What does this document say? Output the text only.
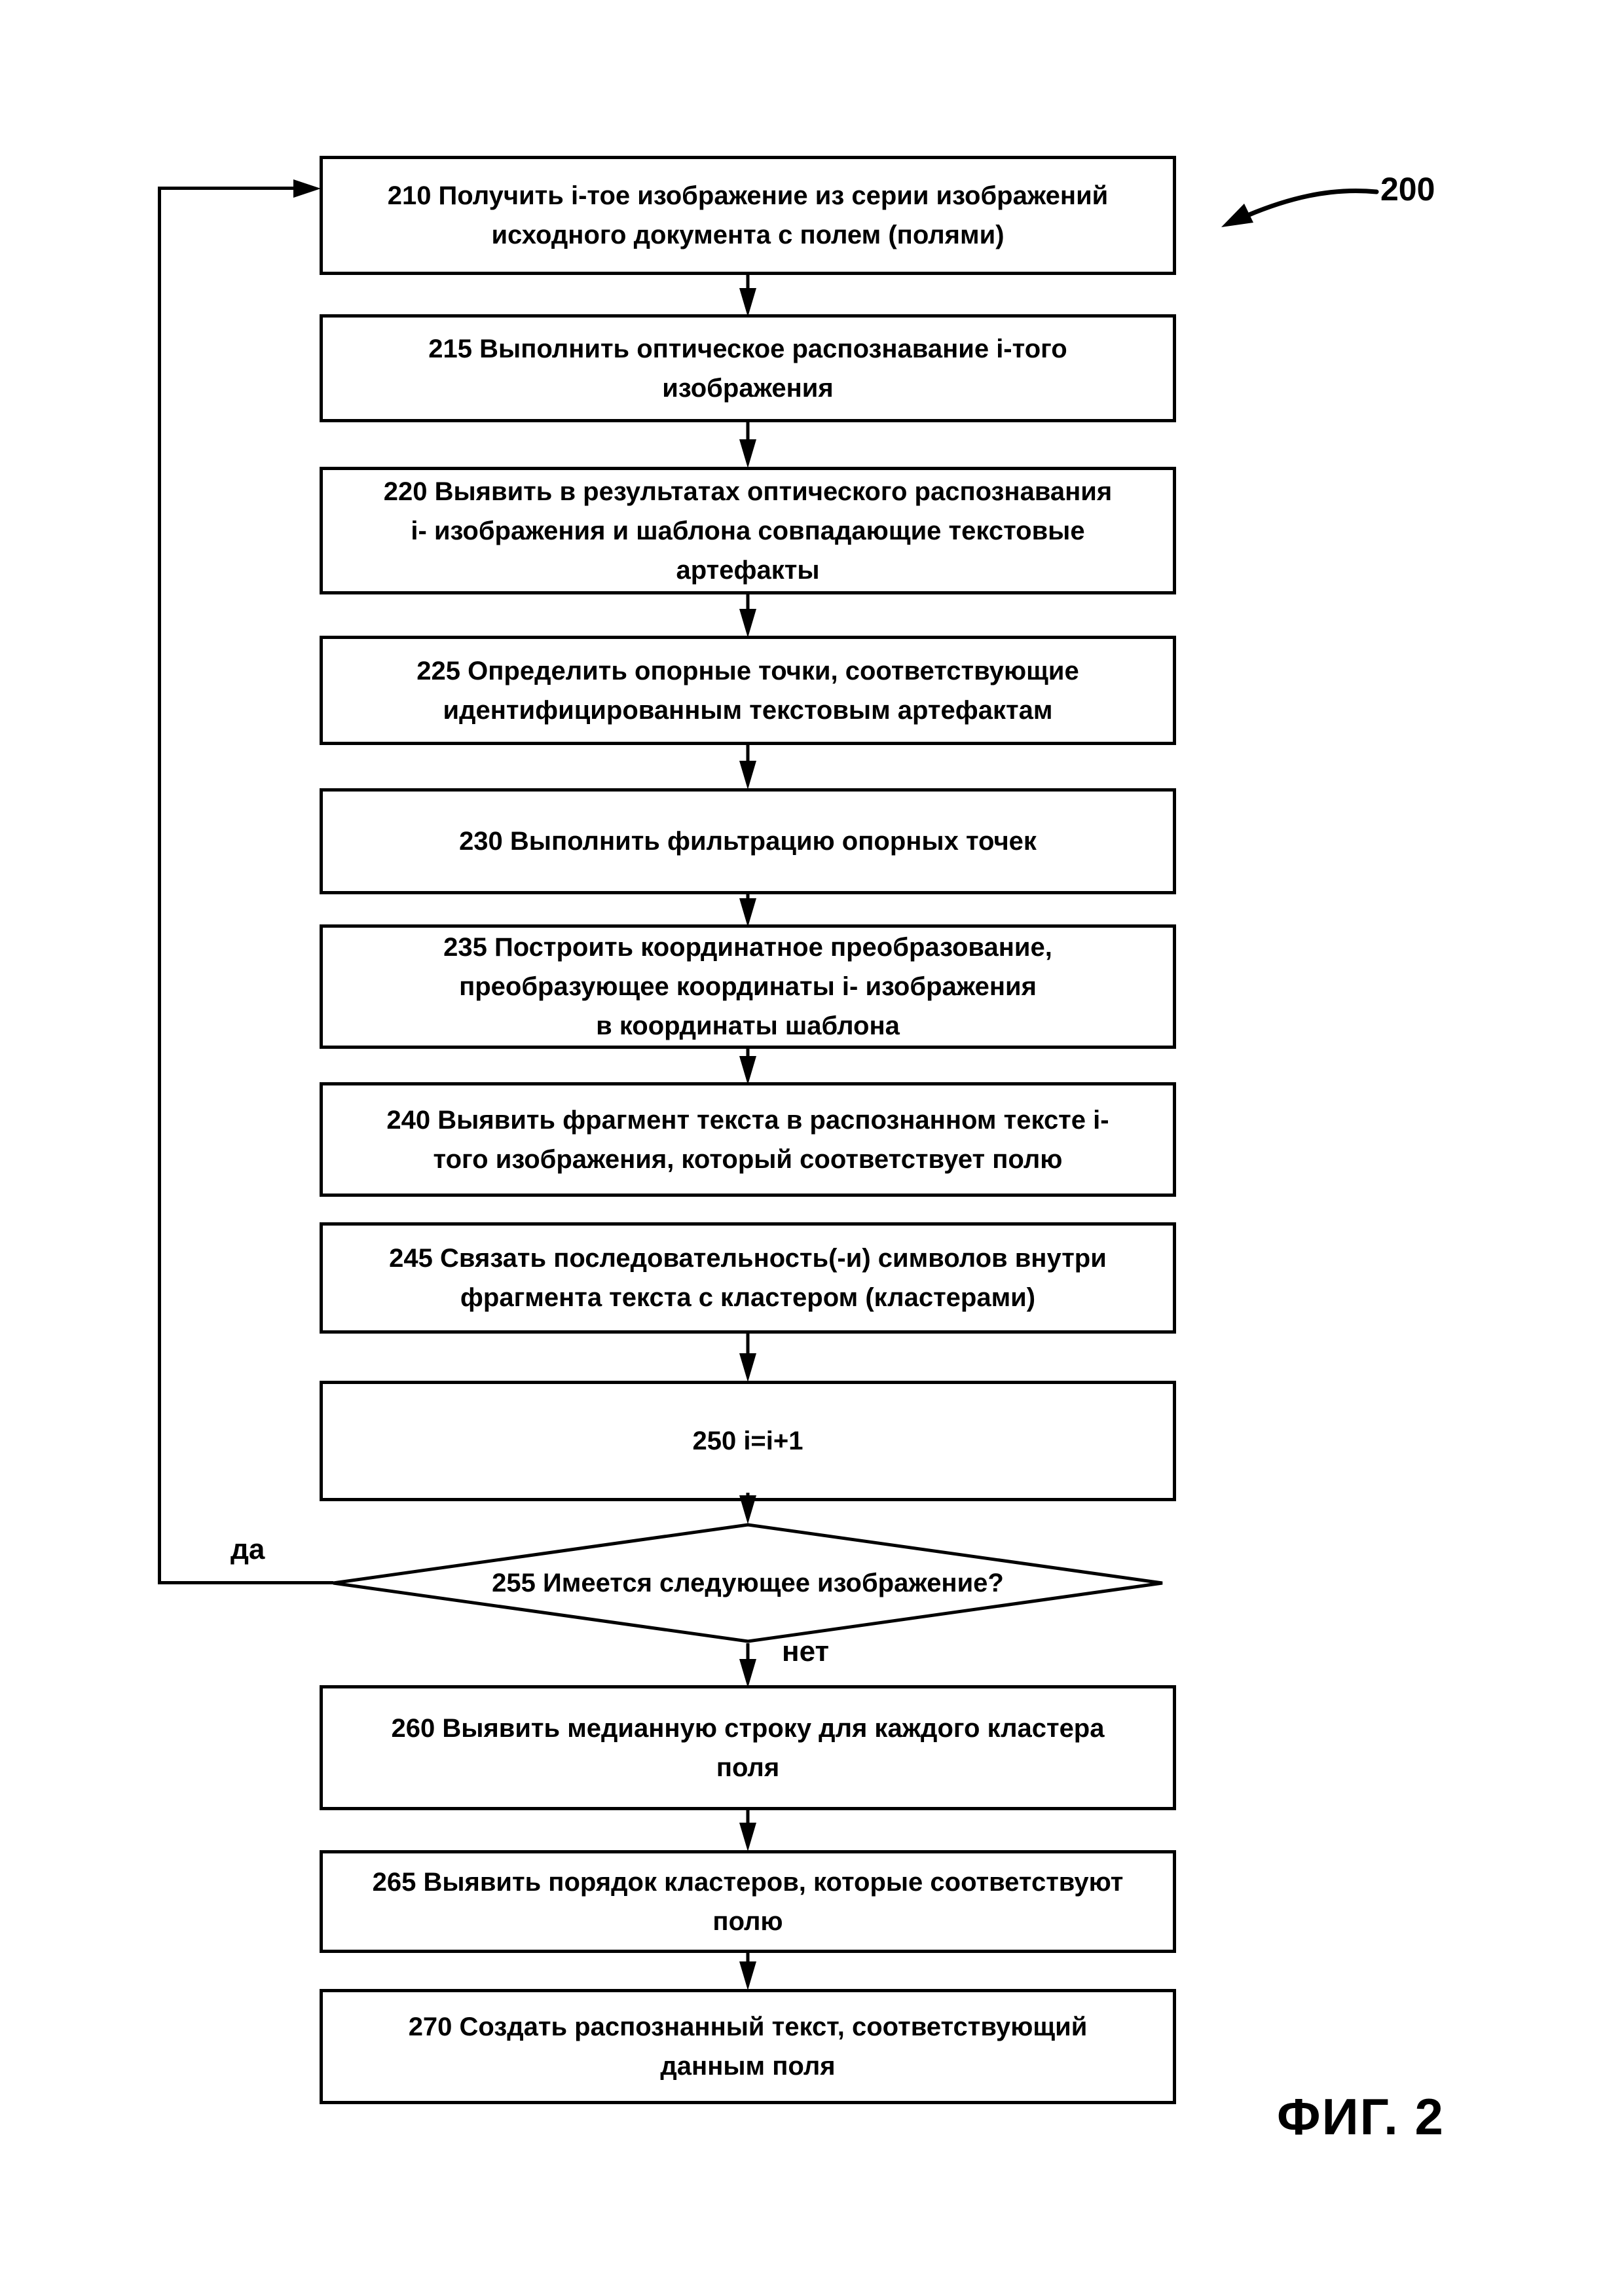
210 Получить i-тое изображение из серии изображений
исходного документа с полем (полями)
215 Выполнить оптическое распознавание i-того
изображения
220 Выявить в результатах оптического распознавания
i- изображения и шаблона совпадающие текстовые
артефакты
225 Определить опорные точки, соответствующие
идентифицированным текстовым артефактам
230 Выполнить фильтрацию опорных точек
235 Построить координатное преобразование,
преобразующее координаты i- изображения
в координаты шаблона
240 Выявить фрагмент текста в распознанном тексте i-
того изображения, который соответствует полю
245 Связать последовательность(-и) символов внутри
фрагмента текста с кластером (кластерами)
250 i=i+1
255 Имеется следующее изображение?
260 Выявить медианную строку для каждого кластера
поля
265 Выявить порядок кластеров, которые соответствуют
полю
270 Создать распознанный текст, соответствующий
данным поля
да
нет
200
ФИГ. 2
